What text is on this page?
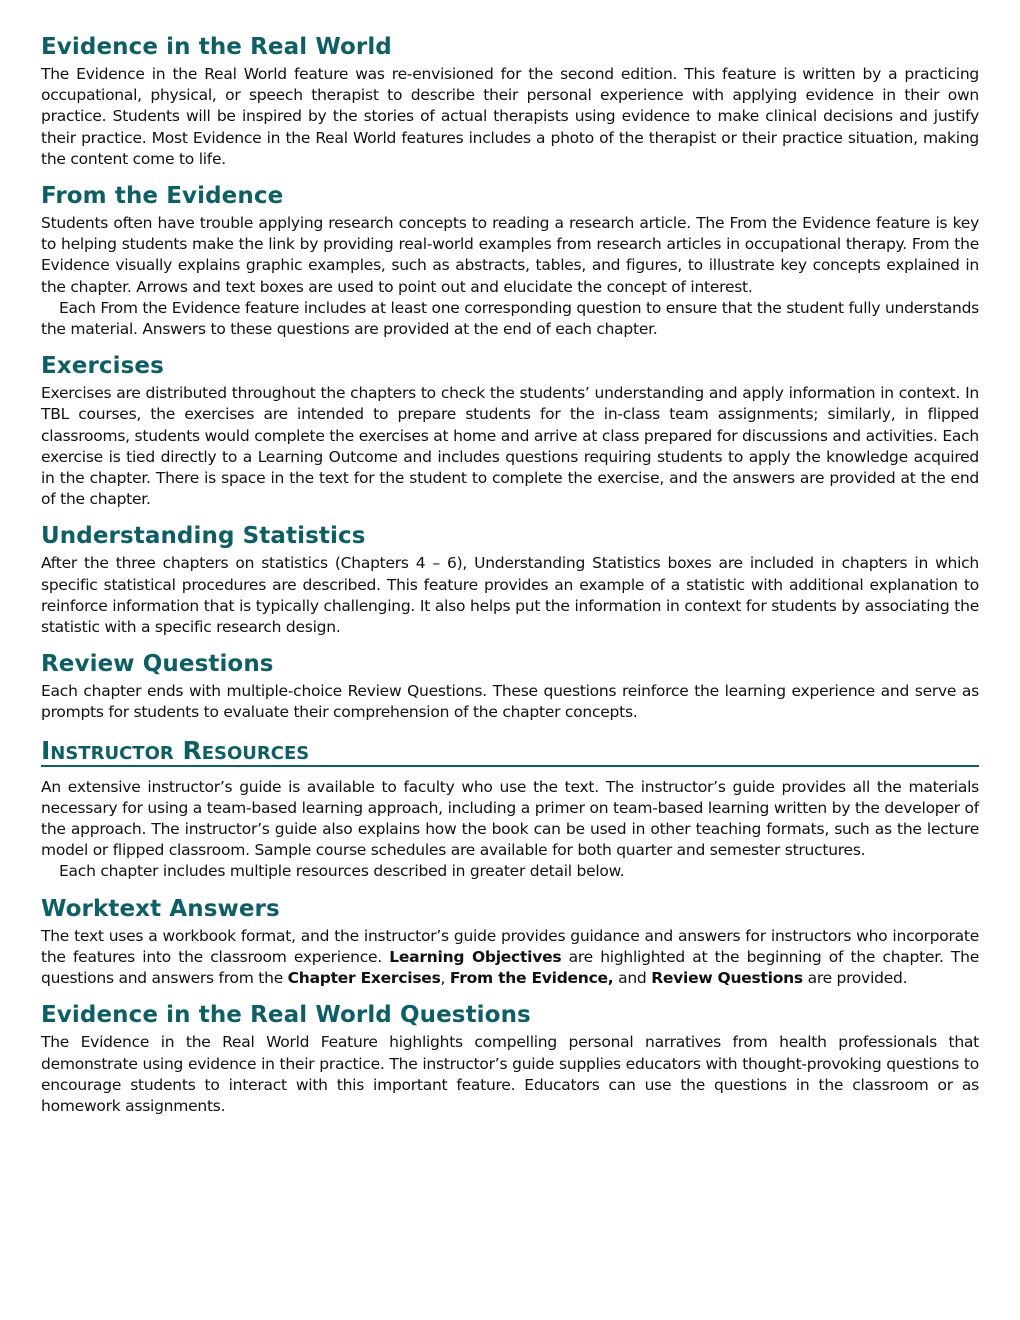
Evidence in the Real World

The Evidence in the Real World feature was re-envisioned for the second edition. This feature is written by a practicing occupational, physical, or speech therapist to describe their personal experience with applying evidence in their own practice. Students will be inspired by the stories of actual therapists using evidence to make clinical decisions and justify their practice. Most Evidence in the Real World features includes a photo of the therapist or their practice situation, making the content come to life.

From the Evidence

Students often have trouble applying research concepts to reading a research article. The From the Evidence feature is key to helping students make the link by providing real-world examples from research articles in occupational therapy. From the Evidence visually explains graphic examples, such as abstracts, tables, and figures, to illustrate key concepts explained in the chapter. Arrows and text boxes are used to point out and elucidate the concept of interest.

Each From the Evidence feature includes at least one corresponding question to ensure that the student fully understands the material. Answers to these questions are provided at the end of each chapter.

Exercises

Exercises are distributed throughout the chapters to check the students’ understanding and apply information in context. In TBL courses, the exercises are intended to prepare students for the in-class team assignments; similarly, in flipped classrooms, students would complete the exercises at home and arrive at class prepared for discussions and activities. Each exercise is tied directly to a Learning Outcome and includes questions requiring students to apply the knowledge acquired in the chapter. There is space in the text for the student to complete the exercise, and the answers are provided at the end of the chapter.

Understanding Statistics

After the three chapters on statistics (Chapters 4 – 6), Understanding Statistics boxes are included in chapters in which specific statistical procedures are described. This feature provides an example of a statistic with additional explanation to reinforce information that is typically challenging. It also helps put the information in context for students by associating the statistic with a specific research design.

Review Questions

Each chapter ends with multiple-choice Review Questions. These questions reinforce the learning experience and serve as prompts for students to evaluate their comprehension of the chapter concepts.

Instructor Resources

An extensive instructor’s guide is available to faculty who use the text. The instructor’s guide provides all the materials necessary for using a team-based learning approach, including a primer on team-based learning written by the developer of the approach. The instructor’s guide also explains how the book can be used in other teaching formats, such as the lecture model or flipped classroom. Sample course schedules are available for both quarter and semester structures.

Each chapter includes multiple resources described in greater detail below.

Worktext Answers

The text uses a workbook format, and the instructor’s guide provides guidance and answers for instructors who incorporate the features into the classroom experience. Learning Objectives are highlighted at the beginning of the chapter. The questions and answers from the Chapter Exercises, From the Evidence, and Review Questions are provided.

Evidence in the Real World Questions

The Evidence in the Real World Feature highlights compelling personal narratives from health professionals that demonstrate using evidence in their practice. The instructor’s guide supplies educators with thought-provoking questions to encourage students to interact with this important feature. Educators can use the questions in the classroom or as homework assignments.
